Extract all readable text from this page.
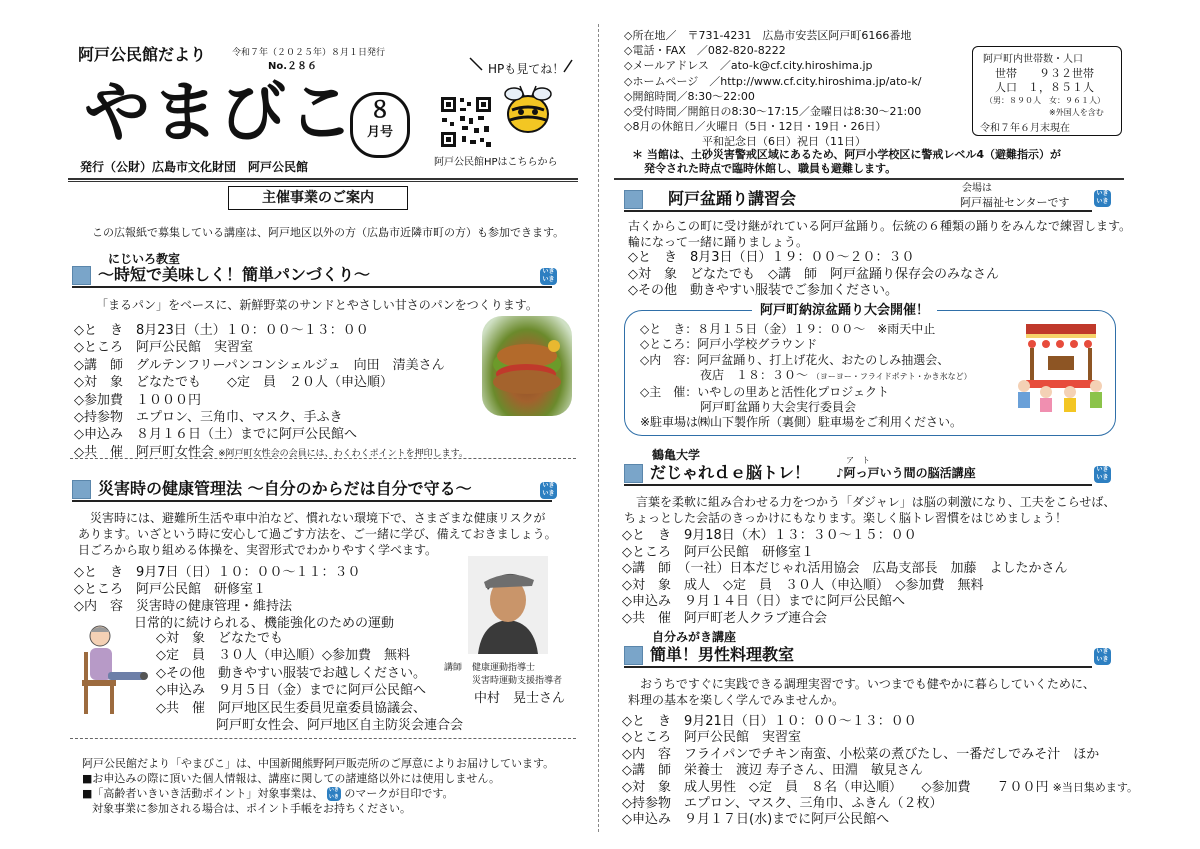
阿戸公民館だより	令和７年（２０２５年）８月１日発行
No.２８６
やまびこ ８
月号
HPも見てね！
阿戸公民館HPはこちらから
発行（公財）広島市文化財団　阿戸公民館
主催事業のご案内
この広報紙で募集している講座は、阿戸地区以外の方（広島市近隣市町の方）も参加できます。
にじいろ教室
～時短で美味しく！簡単パンづくり～	いき
いき
「まるパン」をベースに、新鮮野菜のサンドとやさしい甘さのパンをつくります。
◇と　き　8月23日（土）１０：００～１３：００
◇ところ　阿戸公民館　実習室
◇講　師　グルテンフリーパンコンシェルジュ　向田　清美さん
◇対　象　どなたでも　　◇定　員　２０人（申込順）
◇参加費　１０００円
◇持参物　エプロン、三角巾、マスク、手ふき
◇申込み　８月１６日（土）までに阿戸公民館へ
◇共　催　阿戸町女性会 ※阿戸町女性会の会員には、わくわくポイントを押印します。
災害時の健康管理法 ～自分のからだは自分で守る～	いき
いき
災害時には、避難所生活や車中泊など、慣れない環境下で、さまざまな健康リスクが
あります。いざという時に安心して過ごす方法を、ご一緒に学び、備えておきましょう。
日ごろから取り組める体操を、実習形式でわかりやすく学べます。
◇と　き　9月7日（日）１０：００～１１：３０
◇ところ　阿戸公民館　研修室１
◇内　容　災害時の健康管理・維持法
日常的に続けられる、機能強化のための運動
◇対　象　どなたでも
◇定　員　３０人（申込順）◇参加費　無料
◇その他　動きやすい服装でお越しください。
◇申込み　９月５日（金）までに阿戸公民館へ
◇共　催　阿戸地区民生委員児童委員協議会、
阿戸町女性会、阿戸地区自主防災会連合会
講師 健康運動指導士
災害時運動支援指導者
中村　晃士さん
阿戸公民館だより「やまびこ」は、中国新聞熊野阿戸販売所のご厚意によりお届けしています。
■お申込みの際に頂いた個人情報は、講座に関しての諸連絡以外には使用しません。
■「高齢者いきいき活動ポイント」対象事業は、 いき
いき のマークが目印です。
対象事業に参加される場合は、ポイント手帳をお持ちください。
◇所在地／　〒731-4231　広島市安芸区阿戸町6166番地
◇電話・FAX　／082-820-8222
◇メールアドレス　／ato-k@cf.city.hiroshima.jp
◇ホームページ　／http://www.cf.city.hiroshima.jp/ato-k/
◇開館時間／8:30～22:00
◇受付時間／開館日の8:30～17:15／金曜日は8:30～21:00
◇8月の休館日／火曜日（5日・12日・19日・26日）
平和記念日（6日）祝日（11日）
阿戸町内世帯数・人口
世帯　　９３２世帯
人口　１，８５１人
（男：８９０人　女：９６１人）
※外国人を含む
令和７年６月末現在
＊ 当館は、土砂災害警戒区域にあるため、阿戸小学校区に警戒レベル4（避難指示）が
発令された時点で臨時休館し、職員も避難します。
阿戸盆踊り講習会
会場は
阿戸福祉センターです
いき
いき
古くからこの町に受け継がれている阿戸盆踊り。伝統の６種類の踊りをみんなで練習します。
輪になって一緒に踊りましょう。
◇と　き　8月3日（日）１９：００～２０：３０
◇対　象　どなたでも　◇講　師　阿戸盆踊り保存会のみなさん
◇その他　動きやすい服装でご参加ください。
阿戸町納涼盆踊り大会開催！
◇と　き：８月１５日（金）１９：００～　※雨天中止
◇ところ：阿戸小学校グラウンド
◇内　容：阿戸盆踊り、打上げ花火、おたのしみ抽選会、
夜店　１８：３０～ （ヨーヨー・フライドポテト・かき氷など）
◇主　催：いやしの里あと活性化プロジェクト
阿戸町盆踊り大会実行委員会
※駐車場は㈱山下製作所（裏側）駐車場をご利用ください。
鶴亀大学	ア　ト
だじゃれｄｅ脳トレ！ ♪阿っ戸いう間の脳活講座	いき
いき
言葉を柔軟に組み合わせる力をつかう「ダジャレ」は脳の刺激になり、工夫をこらせば、
ちょっとした会話のきっかけにもなります。楽しく脳トレ習慣をはじめましょう！
◇と　き　9月18日（木）１３：３０～１５：００
◇ところ　阿戸公民館　研修室１
◇講　師　（一社）日本だじゃれ活用協会　広島支部長　加藤　よしたかさん
◇対　象　成人　◇定　員　３０人（申込順）　◇参加費　無料
◇申込み　９月１４日（日）までに阿戸公民館へ
◇共　催　阿戸町老人クラブ連合会
自分みがき講座
簡単！男性料理教室	いき
いき
おうちですぐに実践できる調理実習です。いつまでも健やかに暮らしていくために、
料理の基本を楽しく学んでみませんか。
◇と　き　9月21日（日）１０：００～１３：００
◇ところ　阿戸公民館　実習室
◇内　容　フライパンでチキン南蛮、小松菜の煮びたし、一番だしでみそ汁　ほか
◇講　師　栄養士　渡辺 寿子さん、田淵　敏見さん
◇対　象　成人男性　◇定　員　８名（申込順）　　◇参加費　　７００円 ※当日集めます。
◇持参物　エプロン、マスク、三角巾、ふきん（２枚）
◇申込み　９月１７日(水)までに阿戸公民館へ
